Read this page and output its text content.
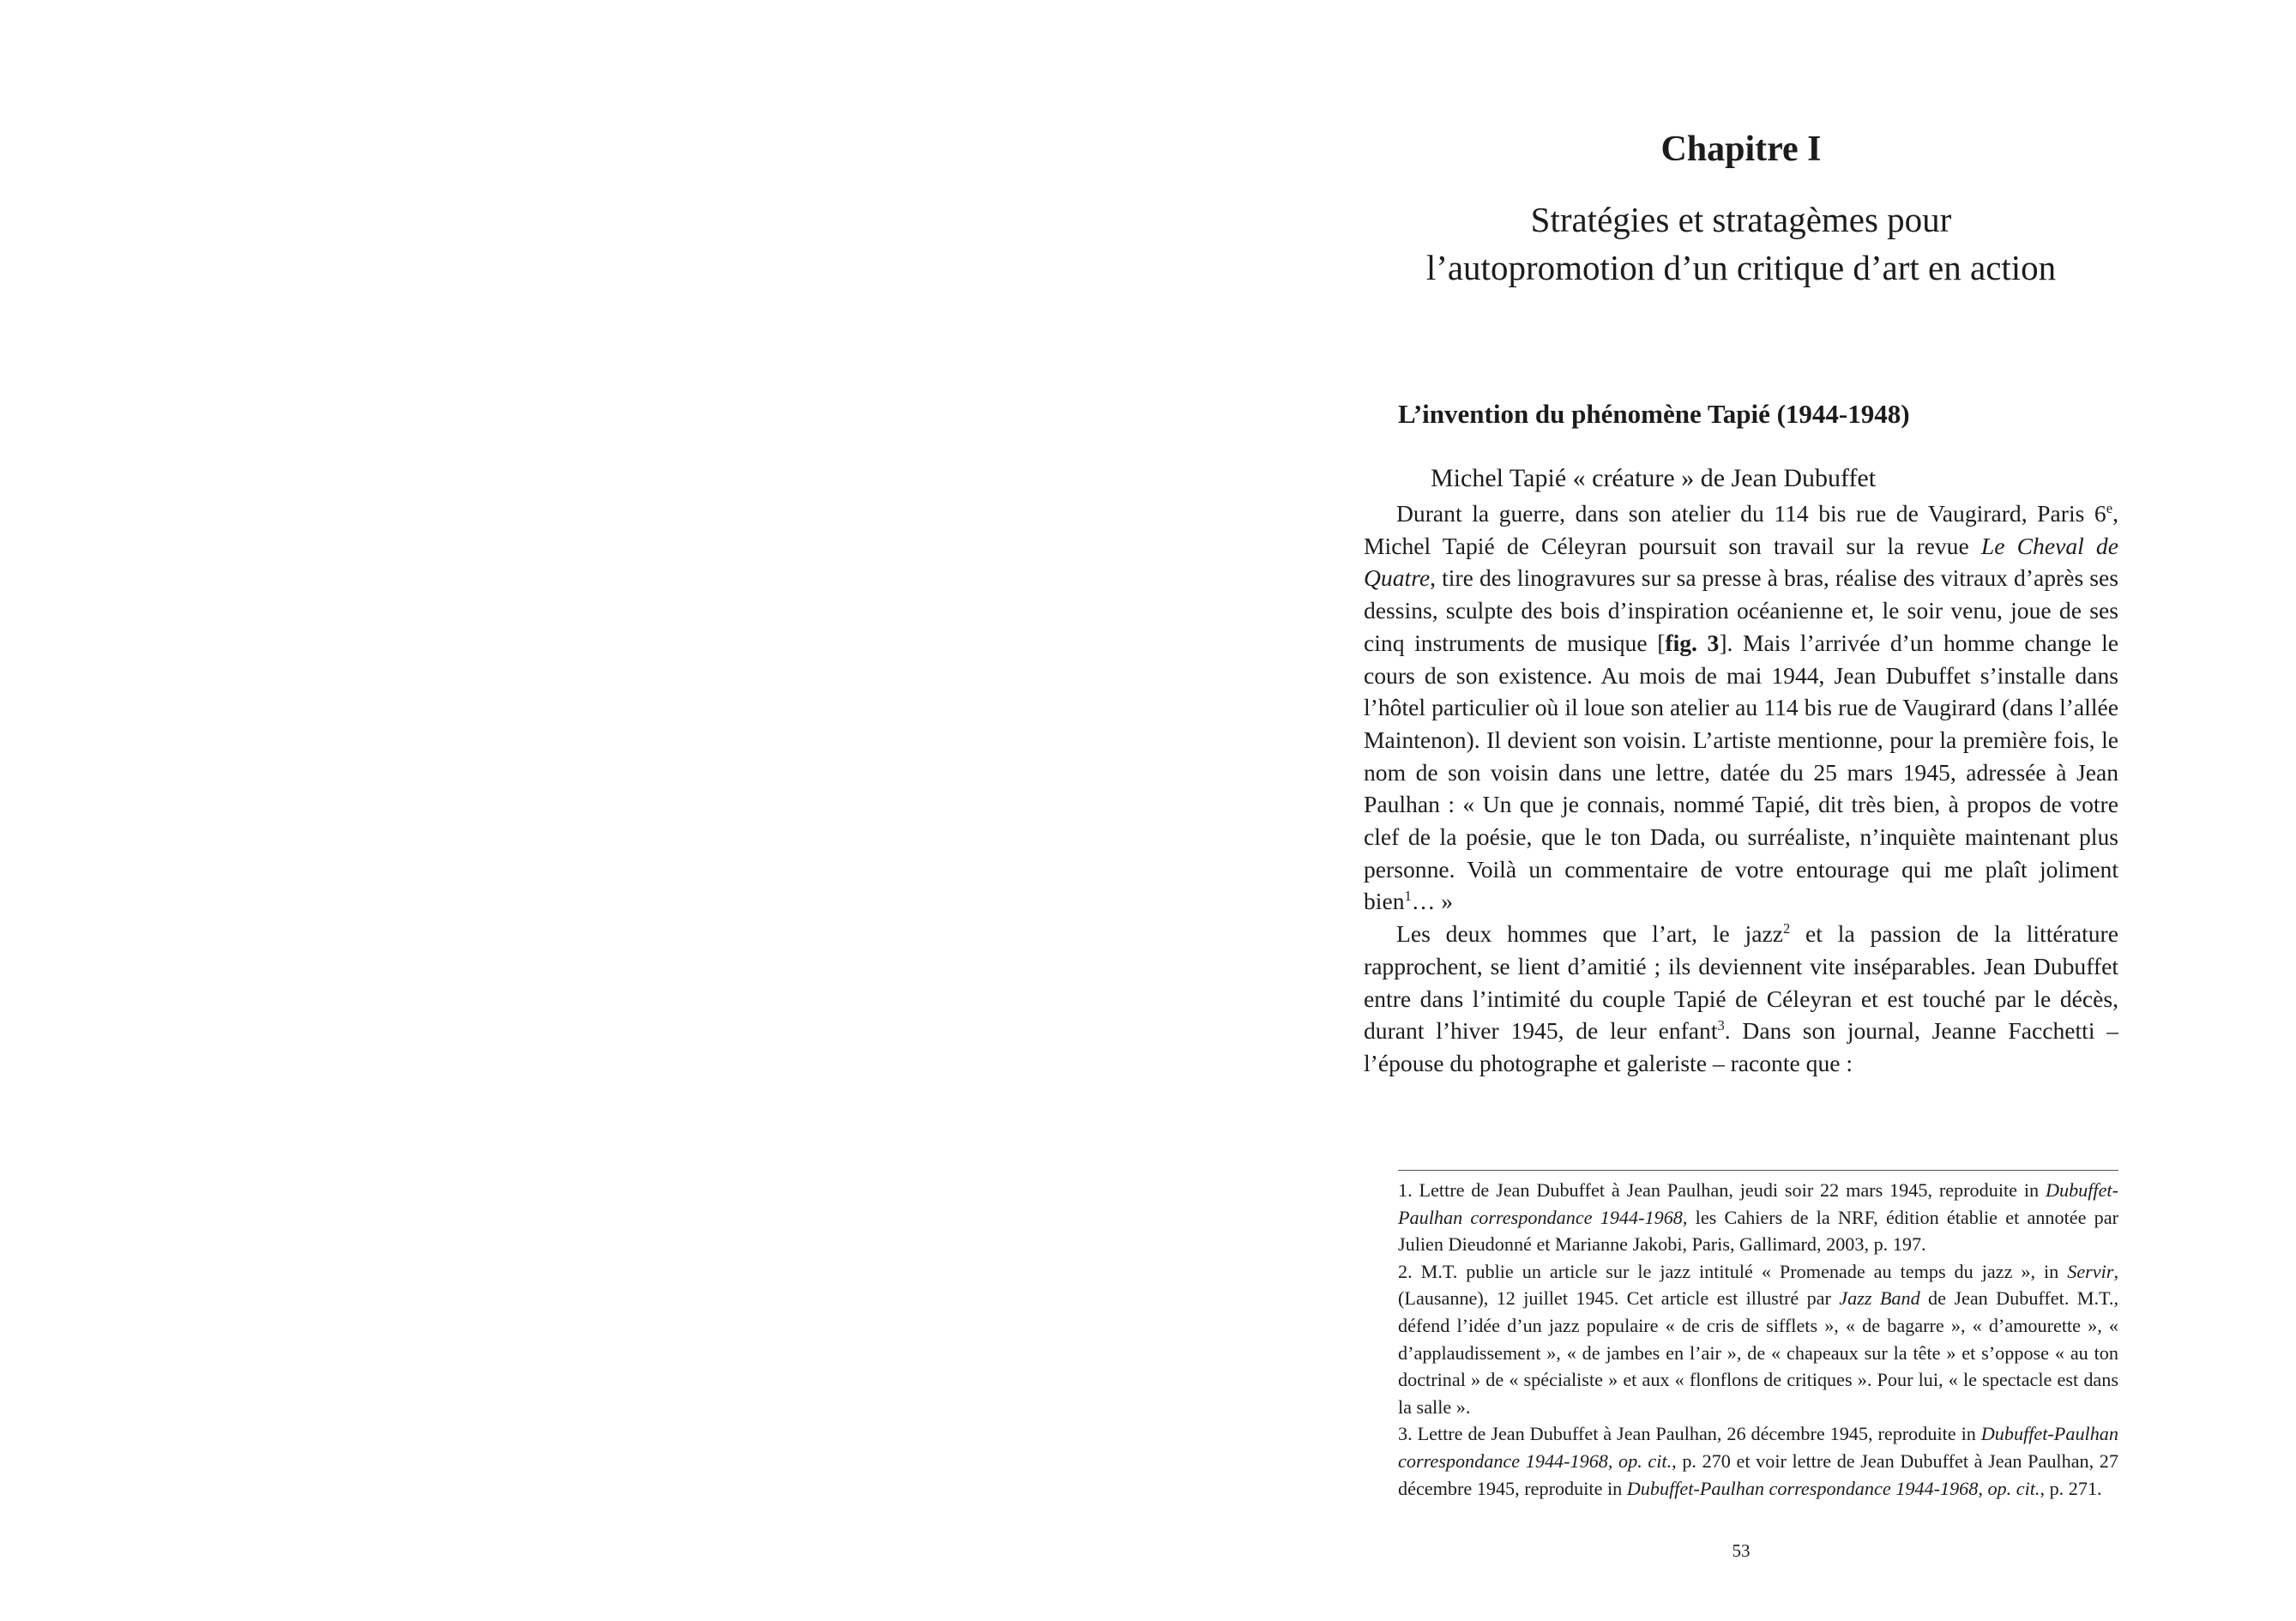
Chapitre I
Stratégies et stratagèmes pour
l’autopromotion d’un critique d’art en action
L’invention du phénomène Tapié (1944-1948)
Michel Tapié « créature » de Jean Dubuffet

Durant la guerre, dans son atelier du 114 bis rue de Vaugirard, Paris 6e, Michel Tapié de Céleyran poursuit son travail sur la revue Le Cheval de Quatre, tire des linogravures sur sa presse à bras, réalise des vitraux d’après ses dessins, sculpte des bois d’inspiration océanienne et, le soir venu, joue de ses cinq instruments de musique [fig. 3]. Mais l’arrivée d’un homme change le cours de son existence. Au mois de mai 1944, Jean Dubuffet s’installe dans l’hôtel particulier où il loue son atelier au 114 bis rue de Vaugirard (dans l’allée Maintenon). Il devient son voisin. L’artiste mentionne, pour la première fois, le nom de son voisin dans une lettre, datée du 25 mars 1945, adressée à Jean Paulhan : « Un que je connais, nommé Tapié, dit très bien, à propos de votre clef de la poésie, que le ton Dada, ou surréaliste, n’inquiète maintenant plus personne. Voilà un commentaire de votre entourage qui me plaît joliment bien$^1$… »

Les deux hommes que l’art, le jazz$^2$ et la passion de la littérature rapprochent, se lient d’amitié ; ils deviennent vite inséparables. Jean Dubuffet entre dans l’intimité du couple Tapié de Céleyran et est touché par le décès, durant l’hiver 1945, de leur enfant$^3$. Dans son journal, Jeanne Facchetti – l’épouse du photographe et galeriste – raconte que :

1. Lettre de Jean Dubuffet à Jean Paulhan, jeudi soir 22 mars 1945, reproduite in Dubuffet-Paulhan correspondance 1944-1968, les Cahiers de la NRF, édition établie et annotée par Julien Dieudonné et Marianne Jakobi, Paris, Gallimard, 2003, p. 197.

2. M.T. publie un article sur le jazz intitulé « Promenade au temps du jazz », in Servir, (Lausanne), 12 juillet 1945. Cet article est illustré par Jazz Band de Jean Dubuffet. M.T., défend l’idée d’un jazz populaire « de cris de sifflets », « de bagarre », « d’amourette », « d’applaudissement », « de jambes en l’air », de « chapeaux sur la tête » et s’oppose « au ton doctrinal » de « spécialiste » et aux « flonflons de critiques ». Pour lui, « le spectacle est dans la salle ».

3. Lettre de Jean Dubuffet à Jean Paulhan, 26 décembre 1945, reproduite in Dubuffet-Paulhan correspondance 1944-1968, op. cit., p. 270 et voir lettre de Jean Dubuffet à Jean Paulhan, 27 décembre 1945, reproduite in Dubuffet-Paulhan correspondance 1944-1968, op. cit., p. 271.

53
